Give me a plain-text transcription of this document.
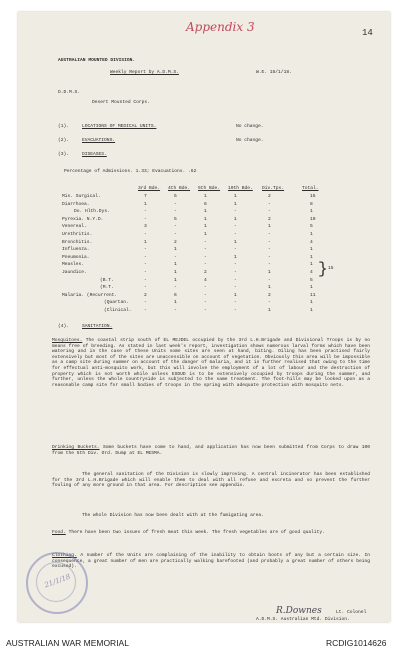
Appendix 3	14
AUSTRALIAN MOUNTED DIVISION.
Weekly Report by A.D.M.S.	W.E. 18/1/18.
D.D.M.S.
Desert Mounted Corps.
(1).	LOCATIONS OF MEDICAL UNITS.	No change.
(2).	EVACUATIONS.	No change.
(3).	DISEASES.
Percentage of Admissions. 1.33; Evacuations. .62
3rd Bde. 4th Bde. 5th Bde. 10th Bde. Div.Tps.	Total.
Mis. Surgical.	7	5	1	1	2	15
Diarrhoea.	1	-	6	1	-	8
Do. Hlth.Dys.	-	-	1	-	-	1
Pyrexia. N.Y.D.	-	5	1	1	2	10
Venereal.	3	-	1	-	1	5
Urethritis.	-	-	1	-	-	1
Bronchitis.	1	2	-	1	-	4
Influenza.	-	1	-	-	-	1
Pneumonia.	-	-	-	1	-	1
Measles.	-	1	-	-	-	1
Jaundice.	-	1	2	-	1	4
(B.T.	-	1	4	-	-	5
(M.T.	-	-	-	-	1	1
Malaria. (Recurrent.	2	6	-	1	2	11
(Quartan.	-	1	-	-	-	1
(Clinical.	-	-	-	-	1	1
} 15
(4).	SANITATION.
Mosquitoes. The coastal strip south of EL MEJDEL occupied by the 3rd L.H.Brigade and Divisional Troops is by no means free of breeding. As stated in last week's report, investigation shows numerous larval forms which have been watering and in the case of these Units some sites are seen at hand, biting. Oiling has been practised fairly extensively but most of the sites are unaccessible on account of vegetation. Obviously this area will be impossible as a camp site during summer on account of the danger of malaria, and it is further realised that owing to the time for effectual anti-mosquito work, but this will involve the employment of a lot of labour and the destruction of property which is not worth while unless ESDUD is to be extensively occupied by troops during the summer, and further, unless the whole countryside is subjected to the same treatment. The foot-hills may be looked upon as a reasonable camp site for small bodies of troops in the spring with adequate protection with mosquito nets.
Drinking Buckets. Some buckets have come to hand, and application has now been submitted from Corps to draw 100 from the 5th Div. Ord. Dump at EL MESMA.
The general sanitation of the Division is slowly improving. A central incinerator has been established for the 3rd L.H.Brigade which will enable them to deal with all refuse and excreta and so prevent the further fouling of any more ground in that area. For description see appendix.
The whole Division has now been dealt with at the fumigating area.
Food. There have been two issues of fresh meat this week. The fresh vegetables are of good quality.
Clothing. A number of the Units are complaining of the inability to obtain boots of any but a certain size. In consequence, a great number of men are practically walking barefooted (and probably a great number of others being excused).
21/1/18
R.Downes	Lt. Colonel
A.D.M.S. Australian Mtd. Division.
AUSTRALIAN WAR MEMORIAL	RCDIG1014626
